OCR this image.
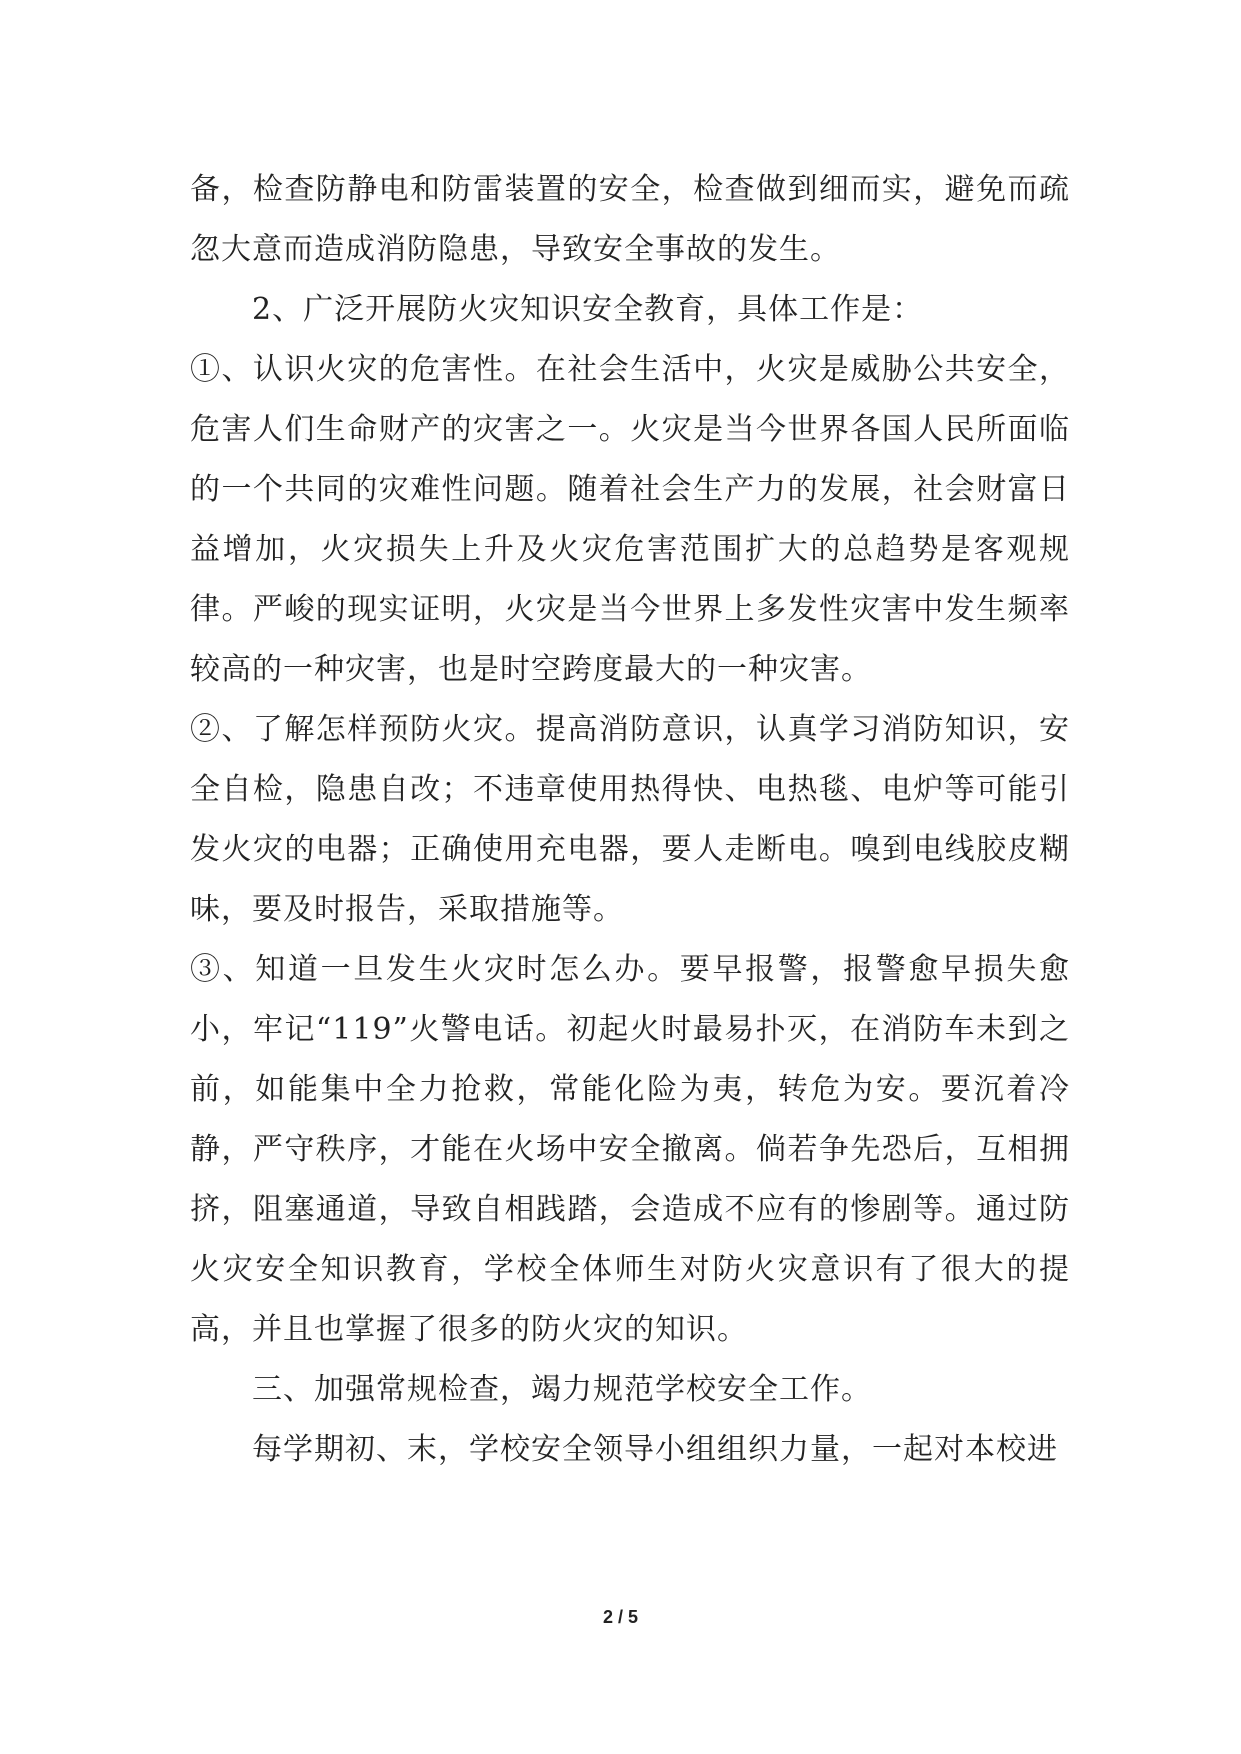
备，检查防静电和防雷装置的安全，检查做到细而实，避免而疏忽大意而造成消防隐患，导致安全事故的发生。

2、广泛开展防火灾知识安全教育，具体工作是：

①、认识火灾的危害性。在社会生活中，火灾是威胁公共安全，危害人们生命财产的灾害之一。火灾是当今世界各国人民所面临的一个共同的灾难性问题。随着社会生产力的发展，社会财富日益增加，火灾损失上升及火灾危害范围扩大的总趋势是客观规律。严峻的现实证明，火灾是当今世界上多发性灾害中发生频率较高的一种灾害，也是时空跨度最大的一种灾害。

②、了解怎样预防火灾。提高消防意识，认真学习消防知识，安全自检，隐患自改；不违章使用热得快、电热毯、电炉等可能引发火灾的电器；正确使用充电器，要人走断电。嗅到电线胶皮糊味，要及时报告，采取措施等。

③、知道一旦发生火灾时怎么办。要早报警，报警愈早损失愈小，牢记“119”火警电话。初起火时最易扑灭，在消防车未到之前，如能集中全力抢救，常能化险为夷，转危为安。要沉着冷静，严守秩序，才能在火场中安全撤离。倘若争先恐后，互相拥挤，阻塞通道，导致自相践踏，会造成不应有的惨剧等。通过防火灾安全知识教育，学校全体师生对防火灾意识有了很大的提高，并且也掌握了很多的防火灾的知识。

三、加强常规检查，竭力规范学校安全工作。

每学期初、末，学校安全领导小组组织力量，一起对本校进

2 / 5
